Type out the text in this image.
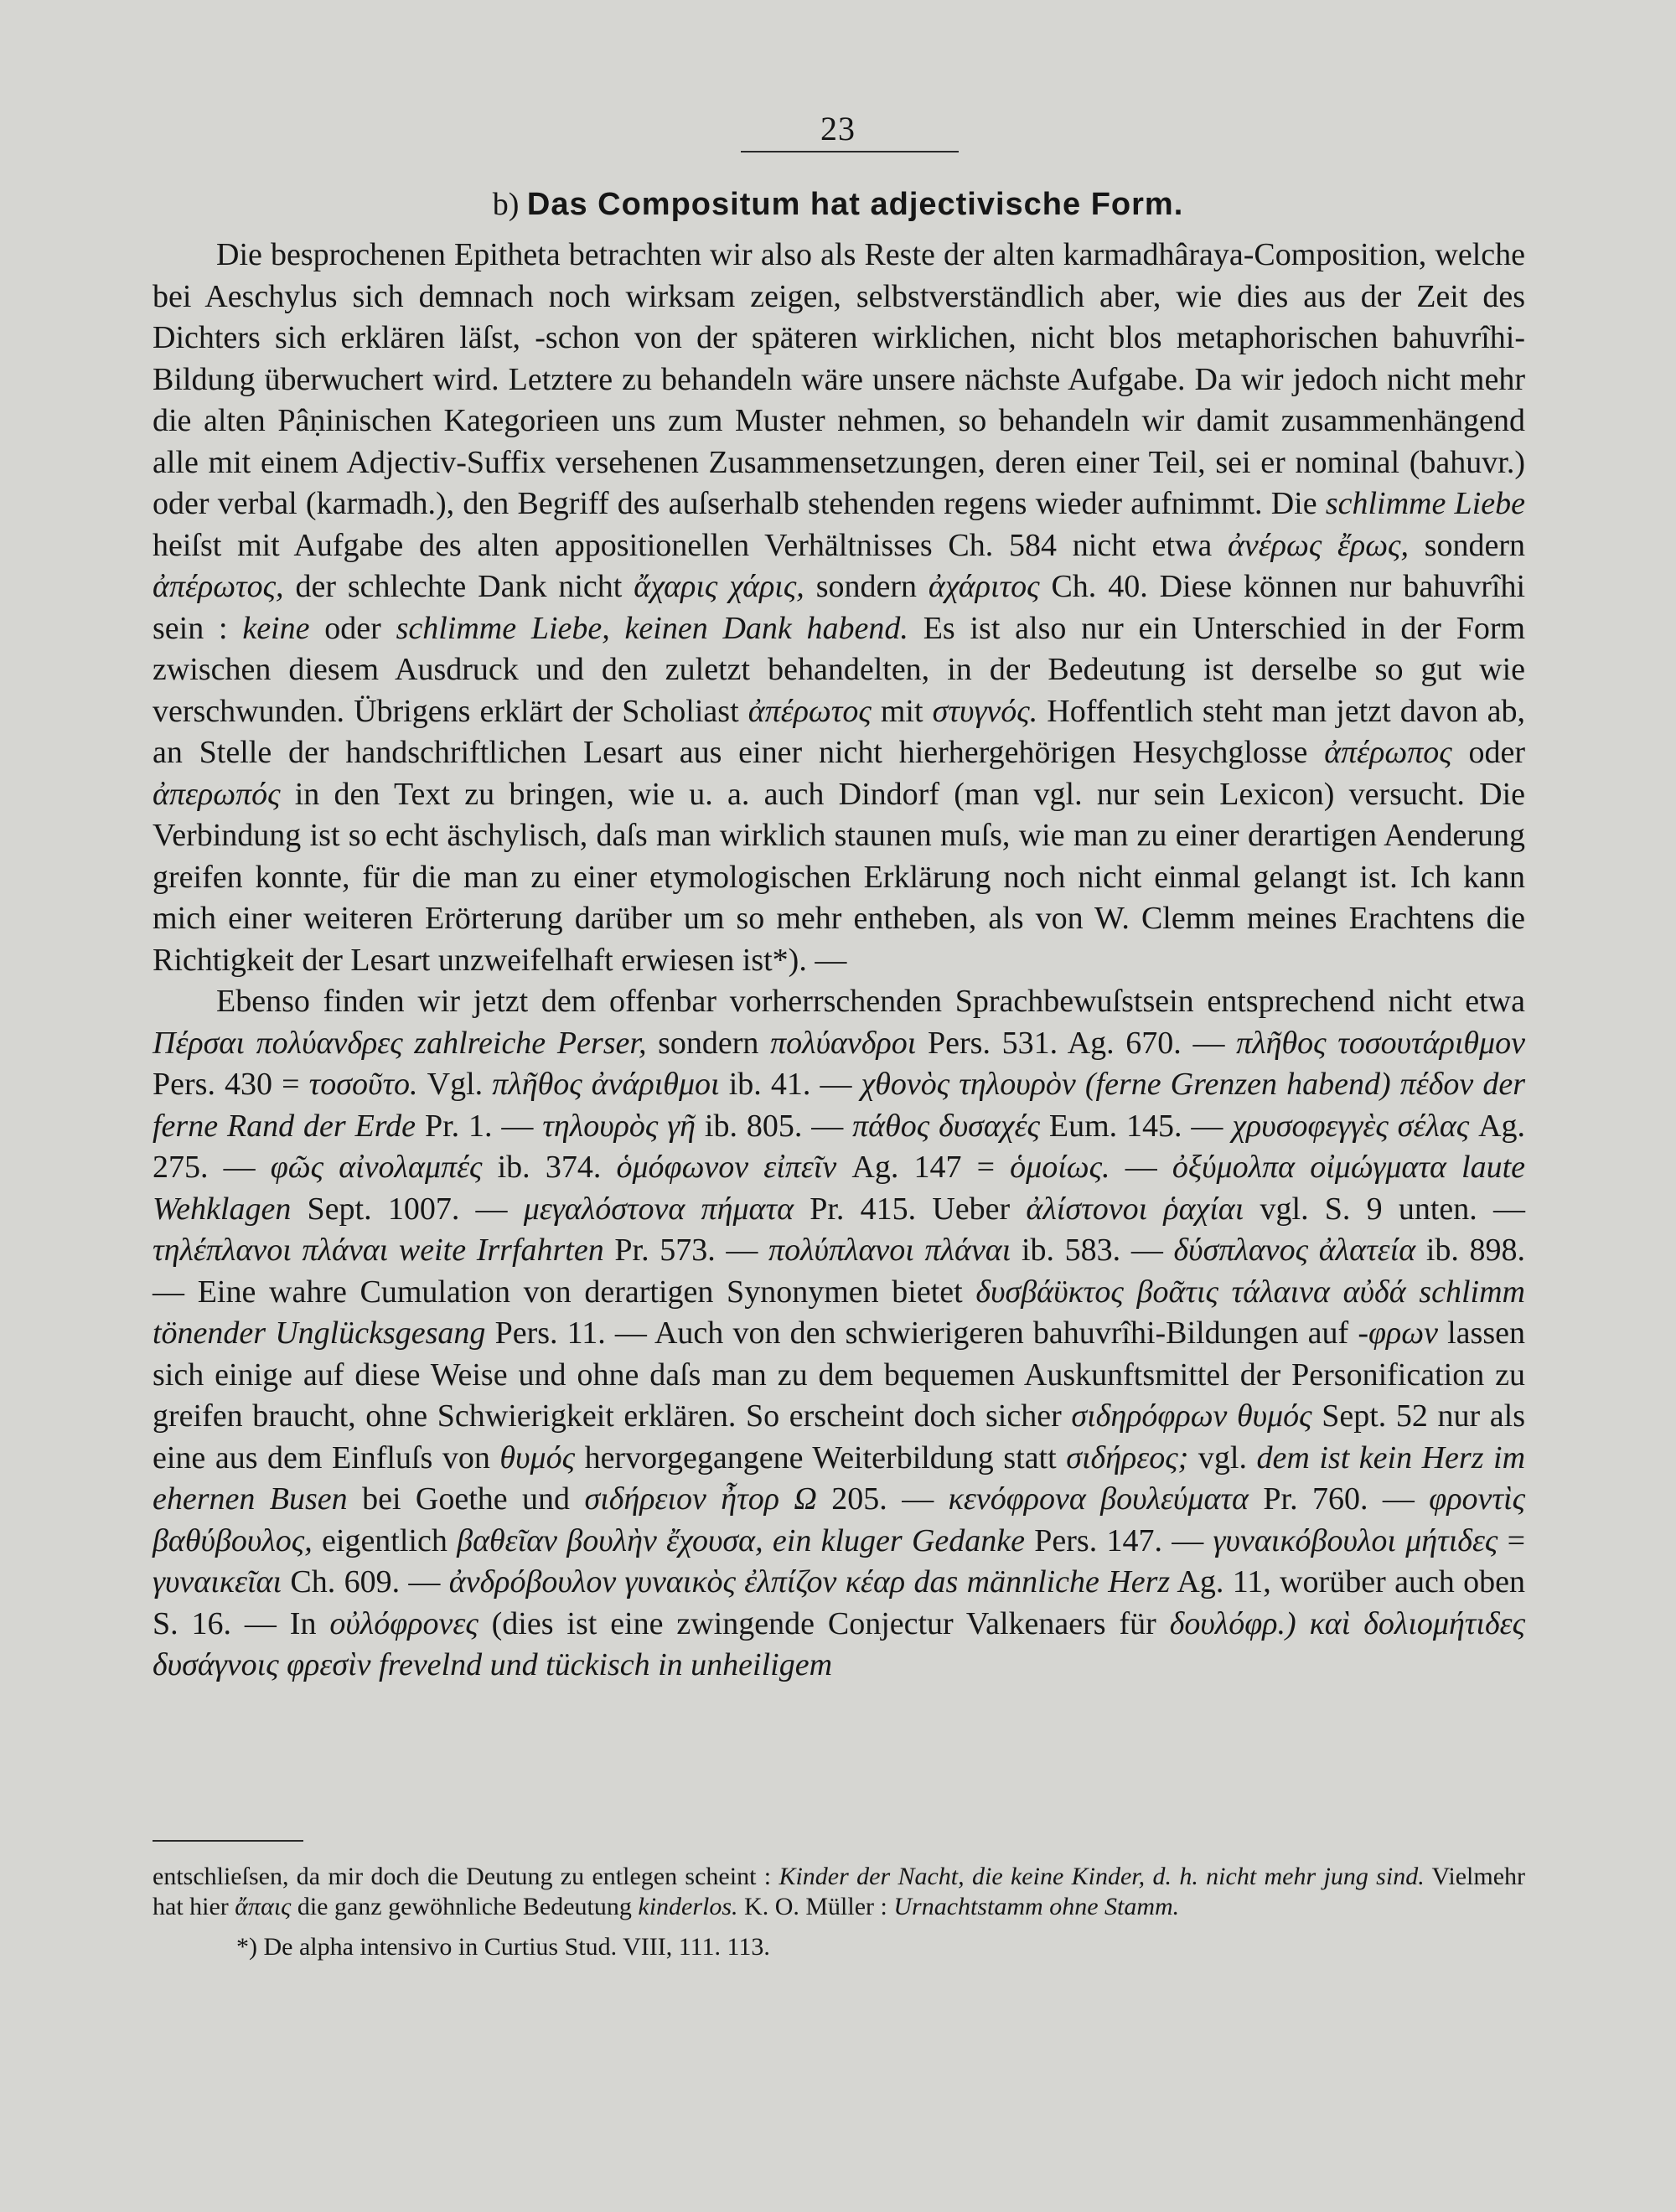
23
b) Das Compositum hat adjectivische Form.

Die besprochenen Epitheta betrachten wir also als Reste der alten karmadhâraya-Composition, welche bei Aeschylus sich demnach noch wirksam zeigen, selbstverständlich aber, wie dies aus der Zeit des Dichters sich erklären läſst, ‑schon von der späteren wirklichen, nicht blos metaphorischen bahuvrîhi-Bildung überwuchert wird. Letztere zu behandeln wäre unsere nächste Aufgabe. Da wir jedoch nicht mehr die alten Pâṇinischen Kategorieen uns zum Muster nehmen, so behandeln wir damit zusammenhängend alle mit einem Adjectiv-Suffix versehenen Zusammensetzungen, deren einer Teil, sei er nominal (bahuvr.) oder verbal (karmadh.), den Begriff des auſserhalb stehenden regens wieder aufnimmt. Die schlimme Liebe heiſst mit Aufgabe des alten appositionellen Verhältnisses Ch. 584 nicht etwa ἀνέρως ἔρως, sondern ἀπέρωτος, der schlechte Dank nicht ἄχαρις χάρις, sondern ἀχάριτος Ch. 40. Diese können nur bahuvrîhi sein : keine oder schlimme Liebe, keinen Dank habend. Es ist also nur ein Unterschied in der Form zwischen diesem Ausdruck und den zuletzt behandelten, in der Bedeutung ist derselbe so gut wie verschwunden. Übrigens erklärt der Scholiast ἀπέρωτος mit στυγνός. Hoffentlich steht man jetzt davon ab, an Stelle der handschriftlichen Lesart aus einer nicht hierhergehörigen Hesychglosse ἀπέρωπος oder ἀπερωπός in den Text zu bringen, wie u. a. auch Dindorf (man vgl. nur sein Lexicon) versucht. Die Verbindung ist so echt äschylisch, daſs man wirklich staunen muſs, wie man zu einer derartigen Aenderung greifen konnte, für die man zu einer etymologischen Erklärung noch nicht einmal gelangt ist. Ich kann mich einer weiteren Erörterung darüber um so mehr entheben, als von W. Clemm meines Erachtens die Richtigkeit der Lesart unzweifelhaft erwiesen ist*). —

Ebenso finden wir jetzt dem offenbar vorherrschenden Sprachbewuſstsein entsprechend nicht etwa Πέρσαι πολύανδρες zahlreiche Perser, sondern πολύανδροι Pers. 531. Ag. 670. — πλῆθος τοσουτάριθμον Pers. 430 = τοσοῦτο. Vgl. πλῆθος ἀνάριθμοι ib. 41. — χθονὸς τηλουρὸν (ferne Grenzen habend) πέδον der ferne Rand der Erde Pr. 1. — τηλουρὸς γῆ ib. 805. — πάθος δυσαχές Eum. 145. — χρυσοφεγγὲς σέλας Ag. 275. — φῶς αἰνολαμπές ib. 374. ὁμόφωνον εἰπεῖν Ag. 147 = ὁμοίως. — ὀξύμολπα οἰμώγματα laute Wehklagen Sept. 1007. — μεγαλόστονα πήματα Pr. 415. Ueber ἀλίστονοι ῥαχίαι vgl. S. 9 unten. — τηλέπλανοι πλάναι weite Irrfahrten Pr. 573. — πολύπλανοι πλάναι ib. 583. — δύσπλανος ἀλατεία ib. 898. — Eine wahre Cumulation von derartigen Synonymen bietet δυσβάϋκτος βοᾶτις τάλαινα αὐδά schlimm tönender Unglücksgesang Pers. 11. — Auch von den schwierigeren bahuvrîhi-Bildungen auf -φρων lassen sich einige auf diese Weise und ohne daſs man zu dem bequemen Auskunftsmittel der Personification zu greifen braucht, ohne Schwierigkeit erklären. So erscheint doch sicher σιδηρόφρων θυμός Sept. 52 nur als eine aus dem Einfluſs von θυμός hervorgegangene Weiterbildung statt σιδήρεος; vgl. dem ist kein Herz im ehernen Busen bei Goethe und σιδήρειον ἦτορ Ω 205. — κενόφρονα βουλεύματα Pr. 760. — φροντὶς βαθύβουλος, eigentlich βαθεῖαν βουλὴν ἔχουσα, ein kluger Gedanke Pers. 147. — γυναικόβουλοι μήτιδες = γυναικεῖαι Ch. 609. — ἀνδρόβουλον γυναικὸς ἐλπίζον κέαρ das männliche Herz Ag. 11, worüber auch oben S. 16. — In οὐλόφρονες (dies ist eine zwingende Conjectur Valkenaers für δουλόφρ.) καὶ δολιομήτιδες δυσάγνοις φρεσὶν frevelnd und tückisch in unheiligem

entschlieſsen, da mir doch die Deutung zu entlegen scheint : Kinder der Nacht, die keine Kinder, d. h. nicht mehr jung sind. Vielmehr hat hier ἄπαις die ganz gewöhnliche Bedeutung kinderlos. K. O. Müller : Urnachtstamm ohne Stamm.

*) De alpha intensivo in Curtius Stud. VIII, 111. 113.
